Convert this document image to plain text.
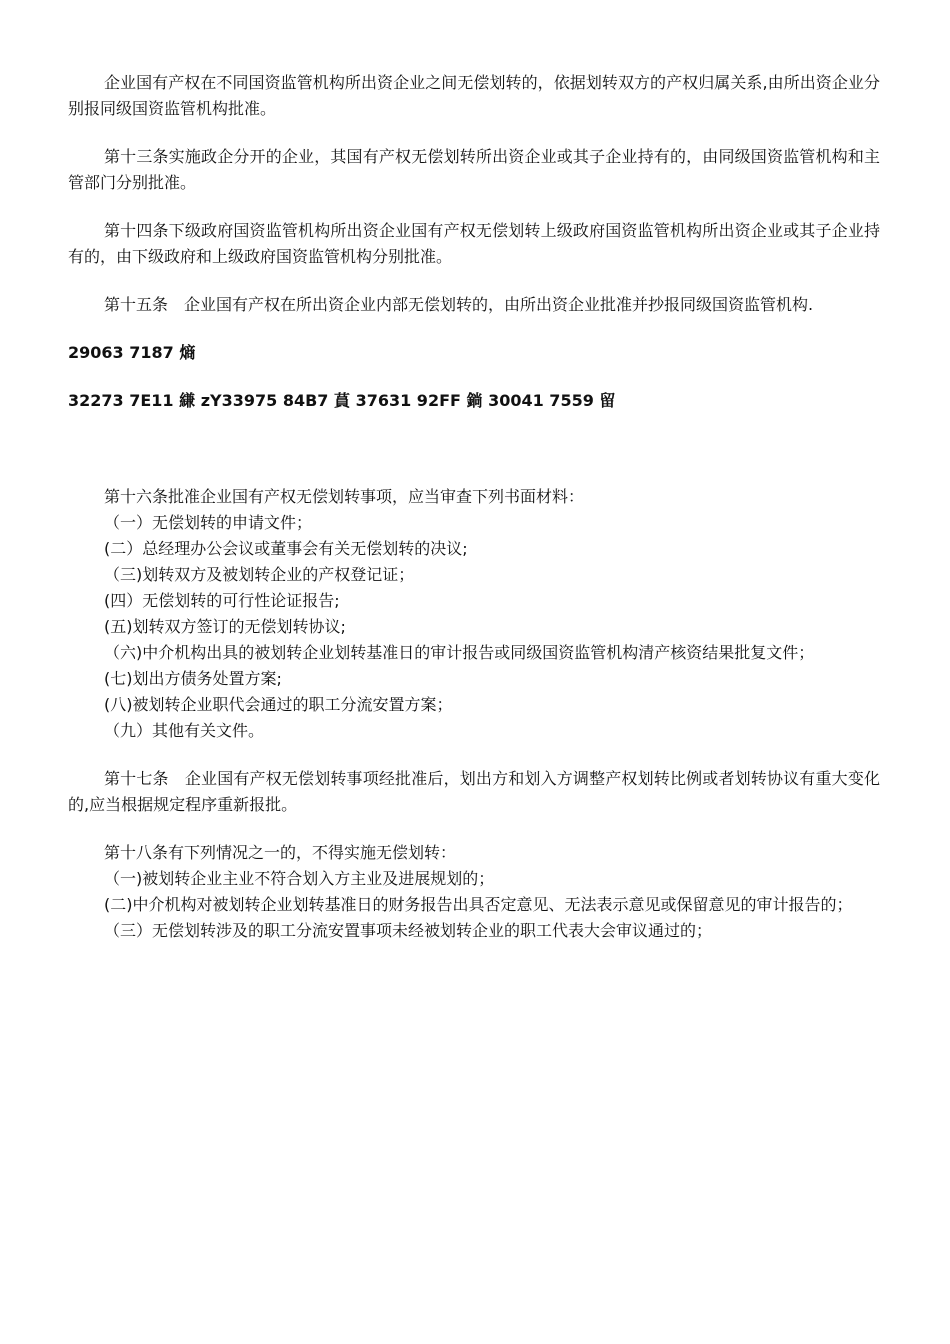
企业国有产权在不同国资监管机构所出资企业之间无偿划转的，依据划转双方的产权归属关系,由所出资企业分别报同级国资监管机构批准。

第十三条实施政企分开的企业，其国有产权无偿划转所出资企业或其子企业持有的，由同级国资监管机构和主管部门分别批准。

第十四条下级政府国资监管机构所出资企业国有产权无偿划转上级政府国资监管机构所出资企业或其子企业持有的，由下级政府和上级政府国资监管机构分别批准。

第十五条　企业国有产权在所出资企业内部无偿划转的，由所出资企业批准并抄报同级国资监管机构.

29063 7187 熵

32273 7E11 縑 zY33975 84B7 蒷 37631 92FF 鋿 30041 7559 留

第十六条批准企业国有产权无偿划转事项，应当审查下列书面材料：

（一）无偿划转的申请文件；

(二）总经理办公会议或董事会有关无偿划转的决议;

（三)划转双方及被划转企业的产权登记证；

(四）无偿划转的可行性论证报告;

(五)划转双方签订的无偿划转协议;

（六)中介机构出具的被划转企业划转基准日的审计报告或同级国资监管机构清产核资结果批复文件；

(七)划出方债务处置方案;

(八)被划转企业职代会通过的职工分流安置方案；

（九）其他有关文件。

第十七条　企业国有产权无偿划转事项经批准后，划出方和划入方调整产权划转比例或者划转协议有重大变化的,应当根据规定程序重新报批。

第十八条有下列情况之一的，不得实施无偿划转：

（一)被划转企业主业不符合划入方主业及进展规划的；

(二)中介机构对被划转企业划转基准日的财务报告出具否定意见、无法表示意见或保留意见的审计报告的；

（三）无偿划转涉及的职工分流安置事项未经被划转企业的职工代表大会审议通过的；
